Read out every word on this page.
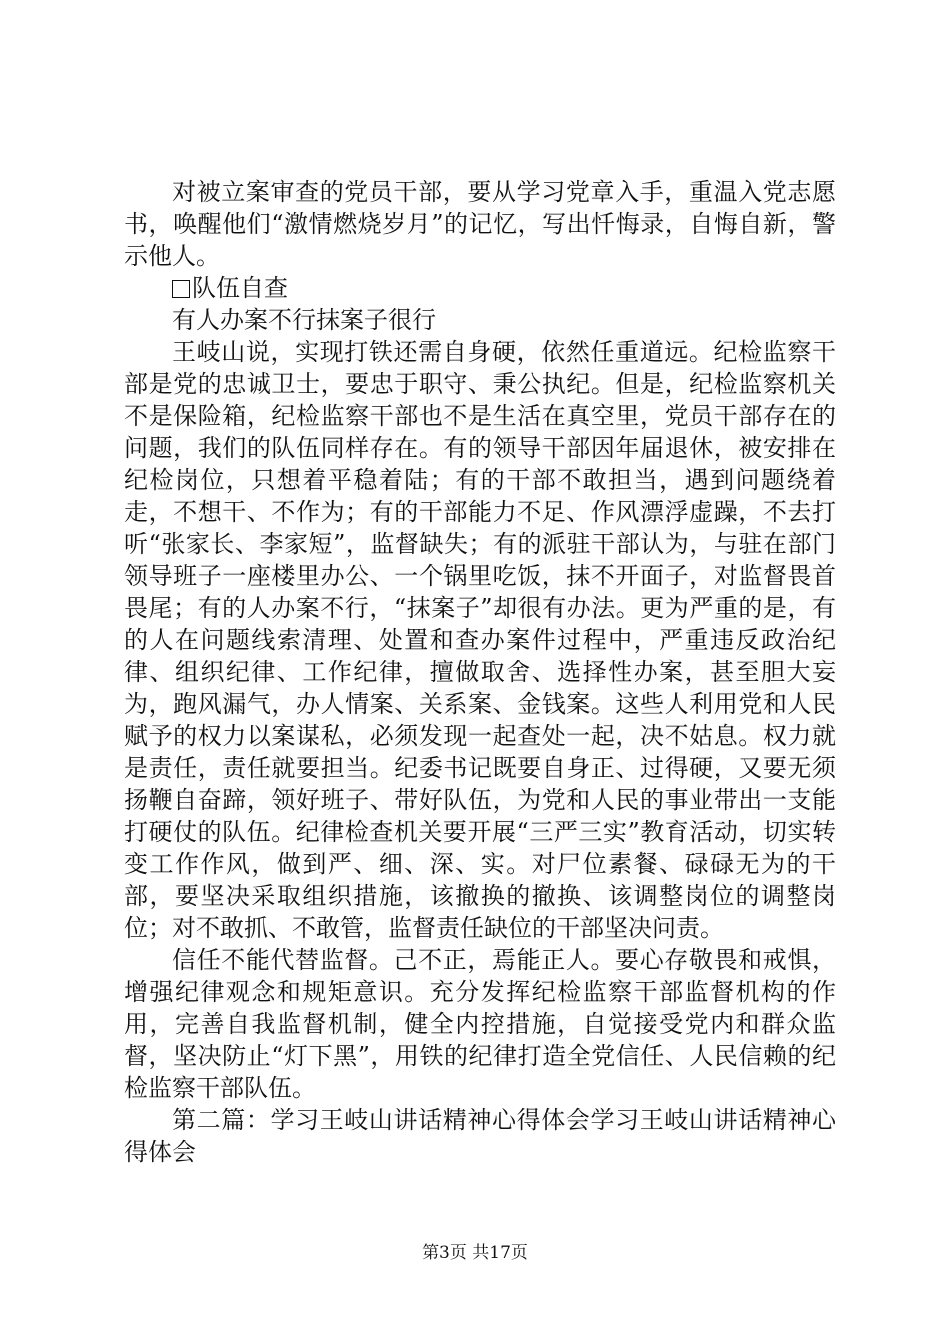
对被立案审查的党员干部，要从学习党章入手，重温入党志愿书，唤醒他们“激情燃烧岁月”的记忆，写出忏悔录，自悔自新，警示他人。

队伍自查

有人办案不行抹案子很行

王岐山说，实现打铁还需自身硬，依然任重道远。纪检监察干部是党的忠诚卫士，要忠于职守、秉公执纪。但是，纪检监察机关不是保险箱，纪检监察干部也不是生活在真空里，党员干部存在的问题，我们的队伍同样存在。有的领导干部因年届退休，被安排在纪检岗位，只想着平稳着陆；有的干部不敢担当，遇到问题绕着走，不想干、不作为；有的干部能力不足、作风漂浮虚躁，不去打听“张家长、李家短”，监督缺失；有的派驻干部认为，与驻在部门领导班子一座楼里办公、一个锅里吃饭，抹不开面子，对监督畏首畏尾；有的人办案不行，“抹案子”却很有办法。更为严重的是，有的人在问题线索清理、处置和查办案件过程中，严重违反政治纪律、组织纪律、工作纪律，擅做取舍、选择性办案，甚至胆大妄为，跑风漏气，办人情案、关系案、金钱案。这些人利用党和人民赋予的权力以案谋私，必须发现一起查处一起，决不姑息。权力就是责任，责任就要担当。纪委书记既要自身正、过得硬，又要无须扬鞭自奋蹄，领好班子、带好队伍，为党和人民的事业带出一支能打硬仗的队伍。纪律检查机关要开展“三严三实”教育活动，切实转变工作作风，做到严、细、深、实。对尸位素餐、碌碌无为的干部，要坚决采取组织措施，该撤换的撤换、该调整岗位的调整岗位；对不敢抓、不敢管，监督责任缺位的干部坚决问责。

信任不能代替监督。己不正，焉能正人。要心存敬畏和戒惧，增强纪律观念和规矩意识。充分发挥纪检监察干部监督机构的作用，完善自我监督机制，健全内控措施，自觉接受党内和群众监督，坚决防止“灯下黑”，用铁的纪律打造全党信任、人民信赖的纪检监察干部队伍。

第二篇：学习王岐山讲话精神心得体会学习王岐山讲话精神心得体会

第3页 共17页
